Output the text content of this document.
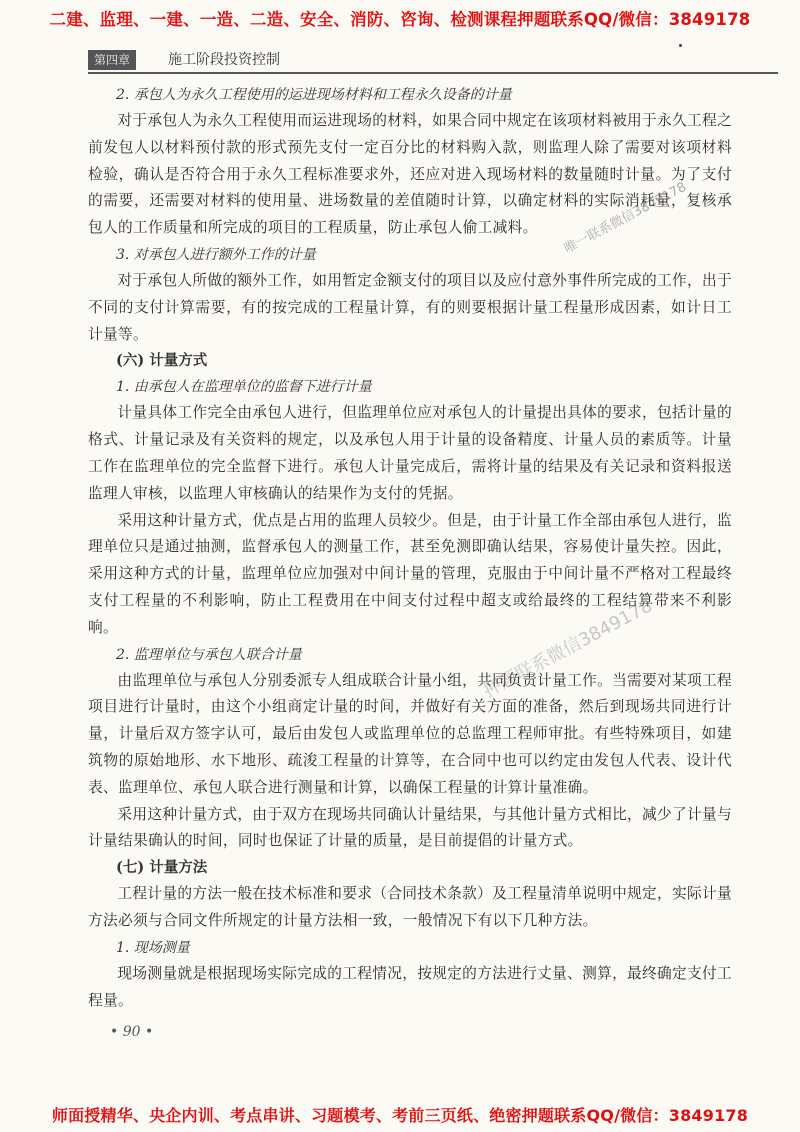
二建、监理、一建、一造、二造、安全、消防、咨询、检测课程押题联系QQ/微信：3849178
第四章	施工阶段投资控制
2. 承包人为永久工程使用的运进现场材料和工程永久设备的计量
对于承包人为永久工程使用而运进现场的材料，如果合同中规定在该项材料被用于永久工程之前发包人以材料预付款的形式预先支付一定百分比的材料购入款，则监理人除了需要对该项材料检验，确认是否符合用于永久工程标准要求外，还应对进入现场材料的数量随时计量。为了支付的需要，还需要对材料的使用量、进场数量的差值随时计算，以确定材料的实际消耗量，复核承包人的工作质量和所完成的项目的工程质量，防止承包人偷工减料。
3. 对承包人进行额外工作的计量
对于承包人所做的额外工作，如用暂定金额支付的项目以及应付意外事件所完成的工作，出于不同的支付计算需要，有的按完成的工程量计算，有的则要根据计量工程量形成因素，如计日工计量等。
(六) 计量方式
1. 由承包人在监理单位的监督下进行计量
计量具体工作完全由承包人进行，但监理单位应对承包人的计量提出具体的要求，包括计量的格式、计量记录及有关资料的规定，以及承包人用于计量的设备精度、计量人员的素质等。计量工作在监理单位的完全监督下进行。承包人计量完成后，需将计量的结果及有关记录和资料报送监理人审核，以监理人审核确认的结果作为支付的凭据。
采用这种计量方式，优点是占用的监理人员较少。但是，由于计量工作全部由承包人进行，监理单位只是通过抽测，监督承包人的测量工作，甚至免测即确认结果，容易使计量失控。因此，采用这种方式的计量，监理单位应加强对中间计量的管理，克服由于中间计量不严格对工程最终支付工程量的不利影响，防止工程费用在中间支付过程中超支或给最终的工程结算带来不利影响。
2. 监理单位与承包人联合计量
由监理单位与承包人分别委派专人组成联合计量小组，共同负责计量工作。当需要对某项工程项目进行计量时，由这个小组商定计量的时间，并做好有关方面的准备，然后到现场共同进行计量，计量后双方签字认可，最后由发包人或监理单位的总监理工程师审批。有些特殊项目，如建筑物的原始地形、水下地形、疏浚工程量的计算等，在合同中也可以约定由发包人代表、设计代表、监理单位、承包人联合进行测量和计算，以确保工程量的计算计量准确。
采用这种计量方式，由于双方在现场共同确认计量结果，与其他计量方式相比，减少了计量与计量结果确认的时间，同时也保证了计量的质量，是目前提倡的计量方式。
(七) 计量方法
工程计量的方法一般在技术标准和要求（合同技术条款）及工程量清单说明中规定，实际计量方法必须与合同文件所规定的计量方法相一致，一般情况下有以下几种方法。
1. 现场测量
现场测量就是根据现场实际完成的工程情况，按规定的方法进行丈量、测算，最终确定支付工程量。
• 90 •
唯一联系微信3849178
押题联系微信3849178
师面授精华、央企内训、考点串讲、习题模考、考前三页纸、绝密押题联系QQ/微信：3849178
